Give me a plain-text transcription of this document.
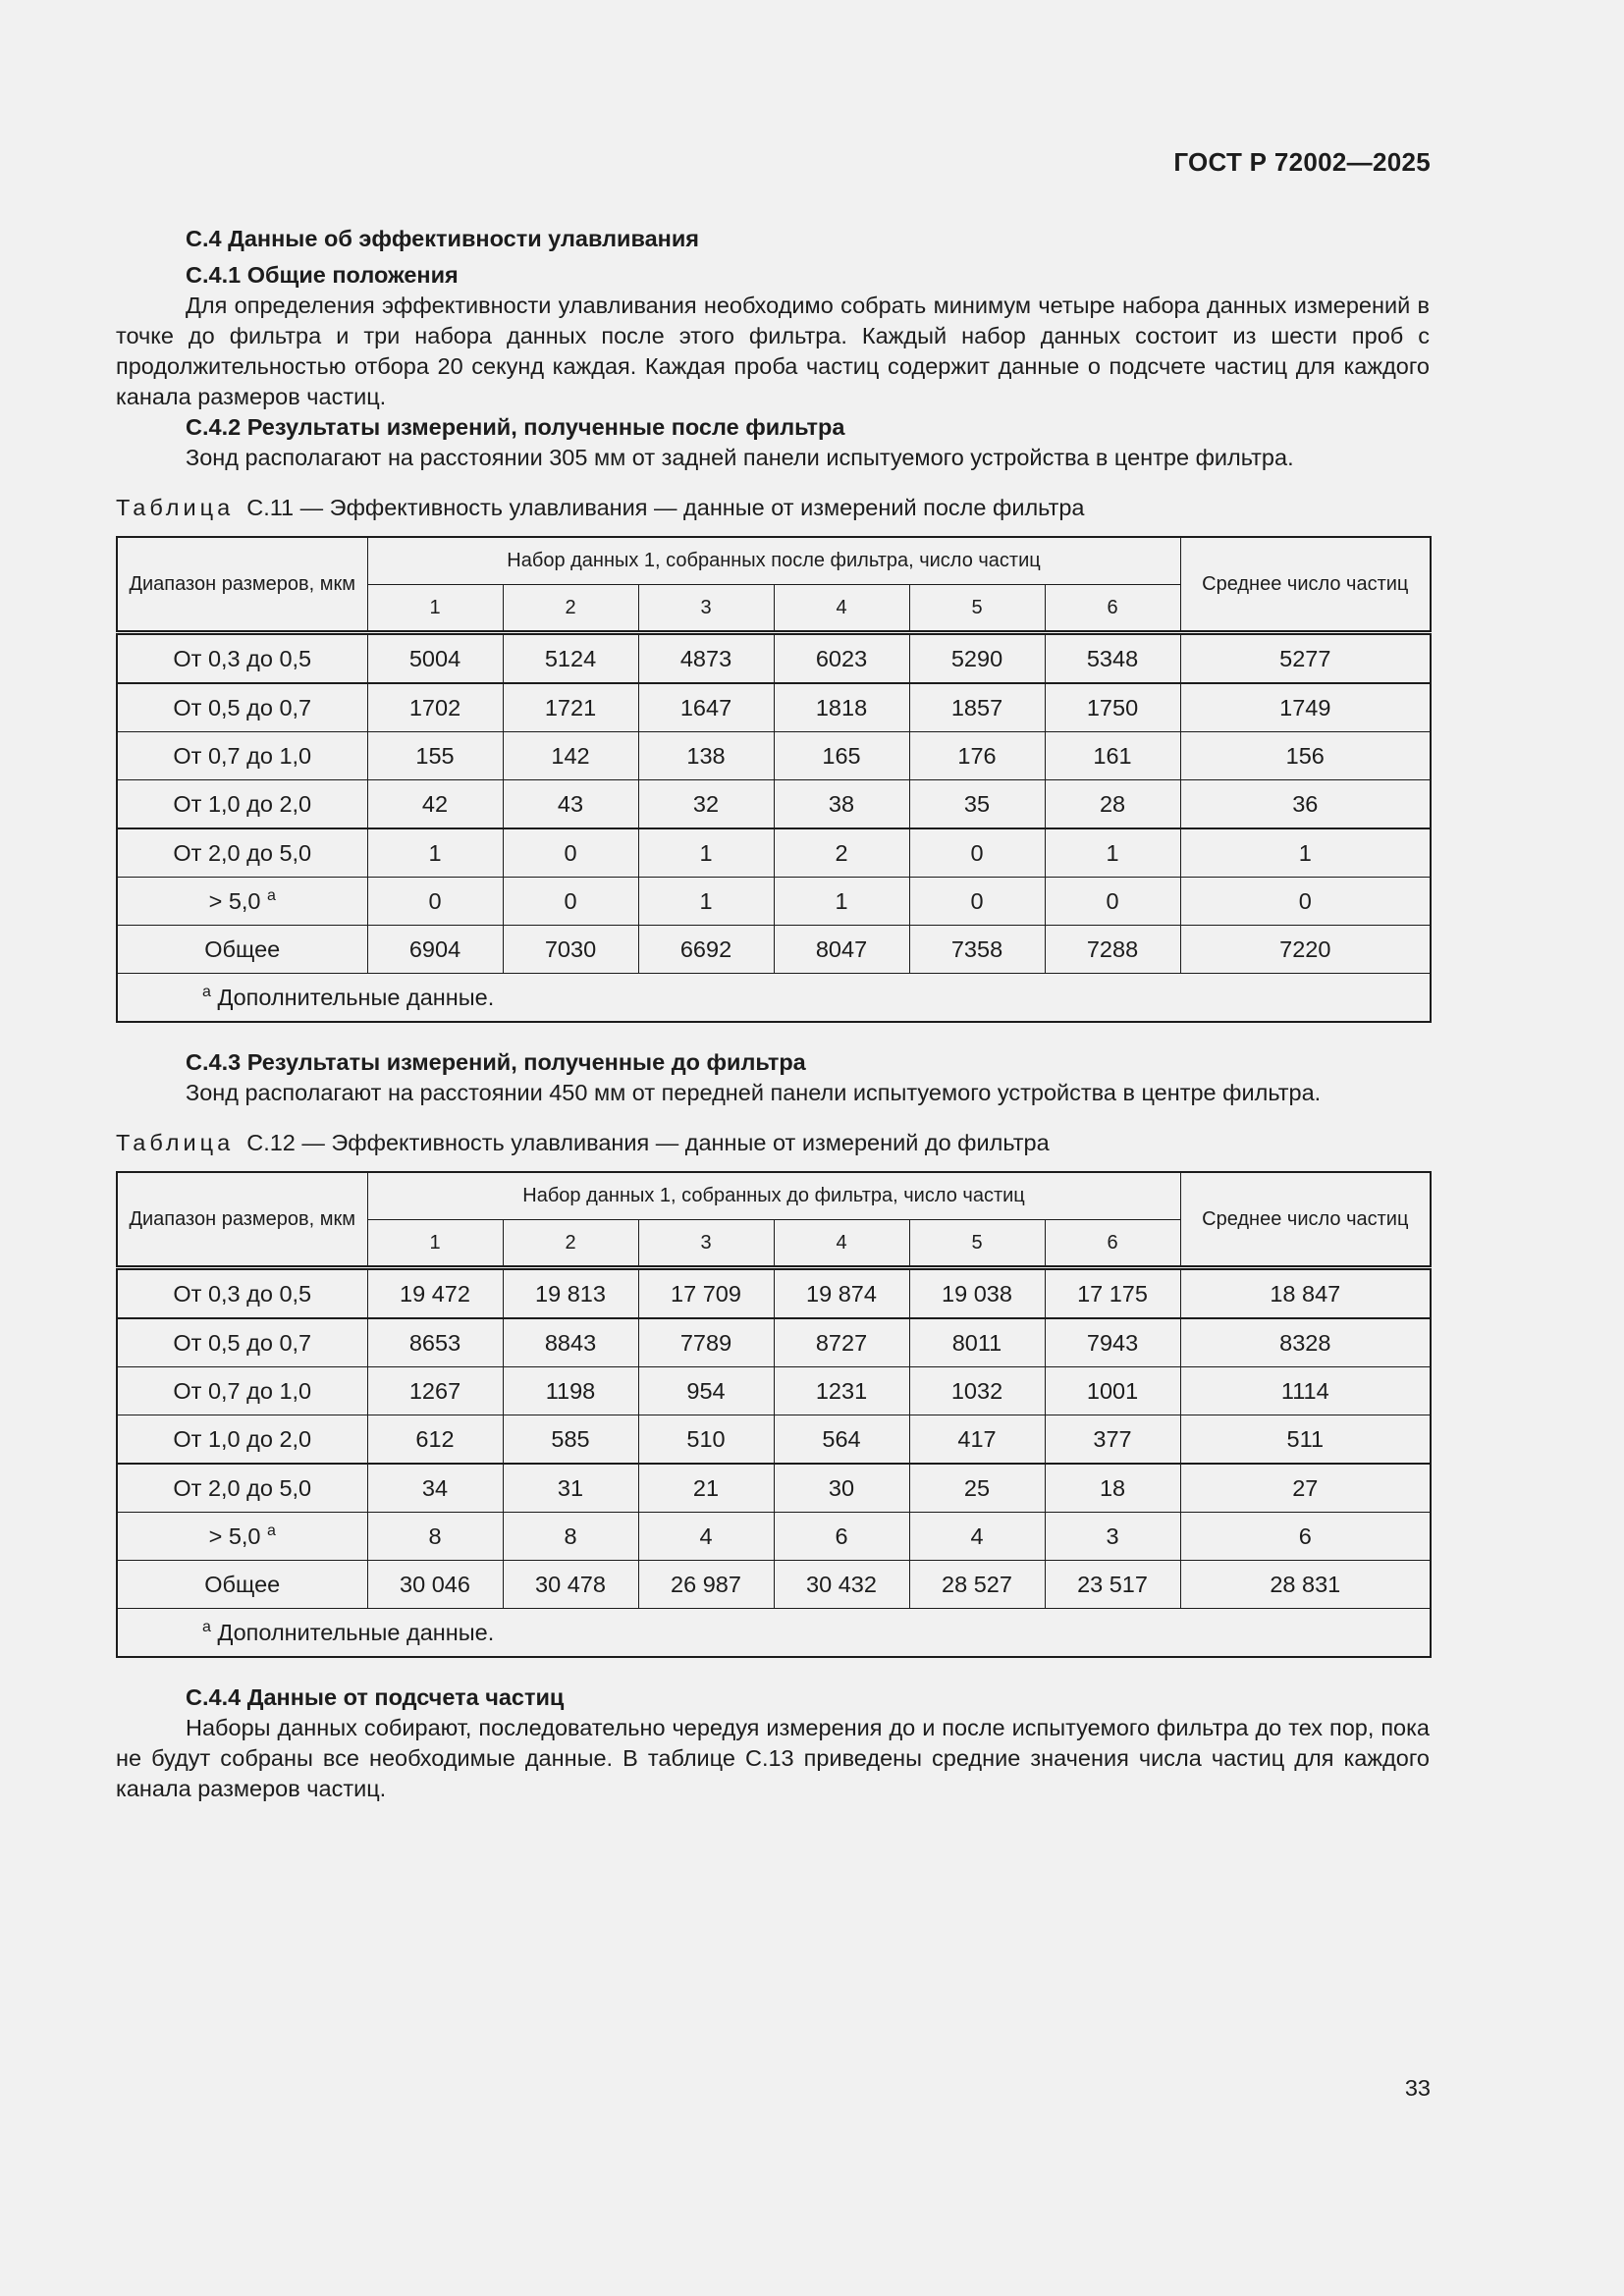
ГОСТ Р 72002—2025

С.4 Данные об эффективности улавливания

С.4.1 Общие положения

Для определения эффективности улавливания необходимо собрать минимум четыре набора данных измерений в точке до фильтра и три набора данных после этого фильтра. Каждый набор данных состоит из шести проб с продолжительностью отбора 20 секунд каждая. Каждая проба частиц содержит данные о подсчете частиц для каждого канала размеров частиц.

С.4.2 Результаты измерений, полученные после фильтра

Зонд располагают на расстоянии 305 мм от задней панели испытуемого устройства в центре фильтра.

Таблица С.11 — Эффективность улавливания — данные от измерений после фильтра

Диапазон размеров, мкм	Набор данных 1, собранных после фильтра, число частиц						Среднее число частиц
	1	2	3	4	5	6	
От 0,3 до 0,5	5004	5124	4873	6023	5290	5348	5277
От 0,5 до 0,7	1702	1721	1647	1818	1857	1750	1749
От 0,7 до 1,0	155	142	138	165	176	161	156
От 1,0 до 2,0	42	43	32	38	35	28	36
От 2,0 до 5,0	1	0	1	2	0	1	1
> 5,0 $^a$	0	0	1	1	0	0	0
Общее	6904	7030	6692	8047	7358	7288	7220
$^a$ Дополнительные данные.							

С.4.3 Результаты измерений, полученные до фильтра

Зонд располагают на расстоянии 450 мм от передней панели испытуемого устройства в центре фильтра.

Таблица С.12 — Эффективность улавливания — данные от измерений до фильтра

Диапазон размеров, мкм	Набор данных 1, собранных до фильтра, число частиц						Среднее число частиц
	1	2	3	4	5	6	
От 0,3 до 0,5	19 472	19 813	17 709	19 874	19 038	17 175	18 847
От 0,5 до 0,7	8653	8843	7789	8727	8011	7943	8328
От 0,7 до 1,0	1267	1198	954	1231	1032	1001	1114
От 1,0 до 2,0	612	585	510	564	417	377	511
От 2,0 до 5,0	34	31	21	30	25	18	27
> 5,0 $^a$	8	8	4	6	4	3	6
Общее	30 046	30 478	26 987	30 432	28 527	23 517	28 831
$^a$ Дополнительные данные.							

С.4.4 Данные от подсчета частиц

Наборы данных собирают, последовательно чередуя измерения до и после испытуемого фильтра до тех пор, пока не будут собраны все необходимые данные. В таблице С.13 приведены средние значения числа частиц для каждого канала размеров частиц.

33
